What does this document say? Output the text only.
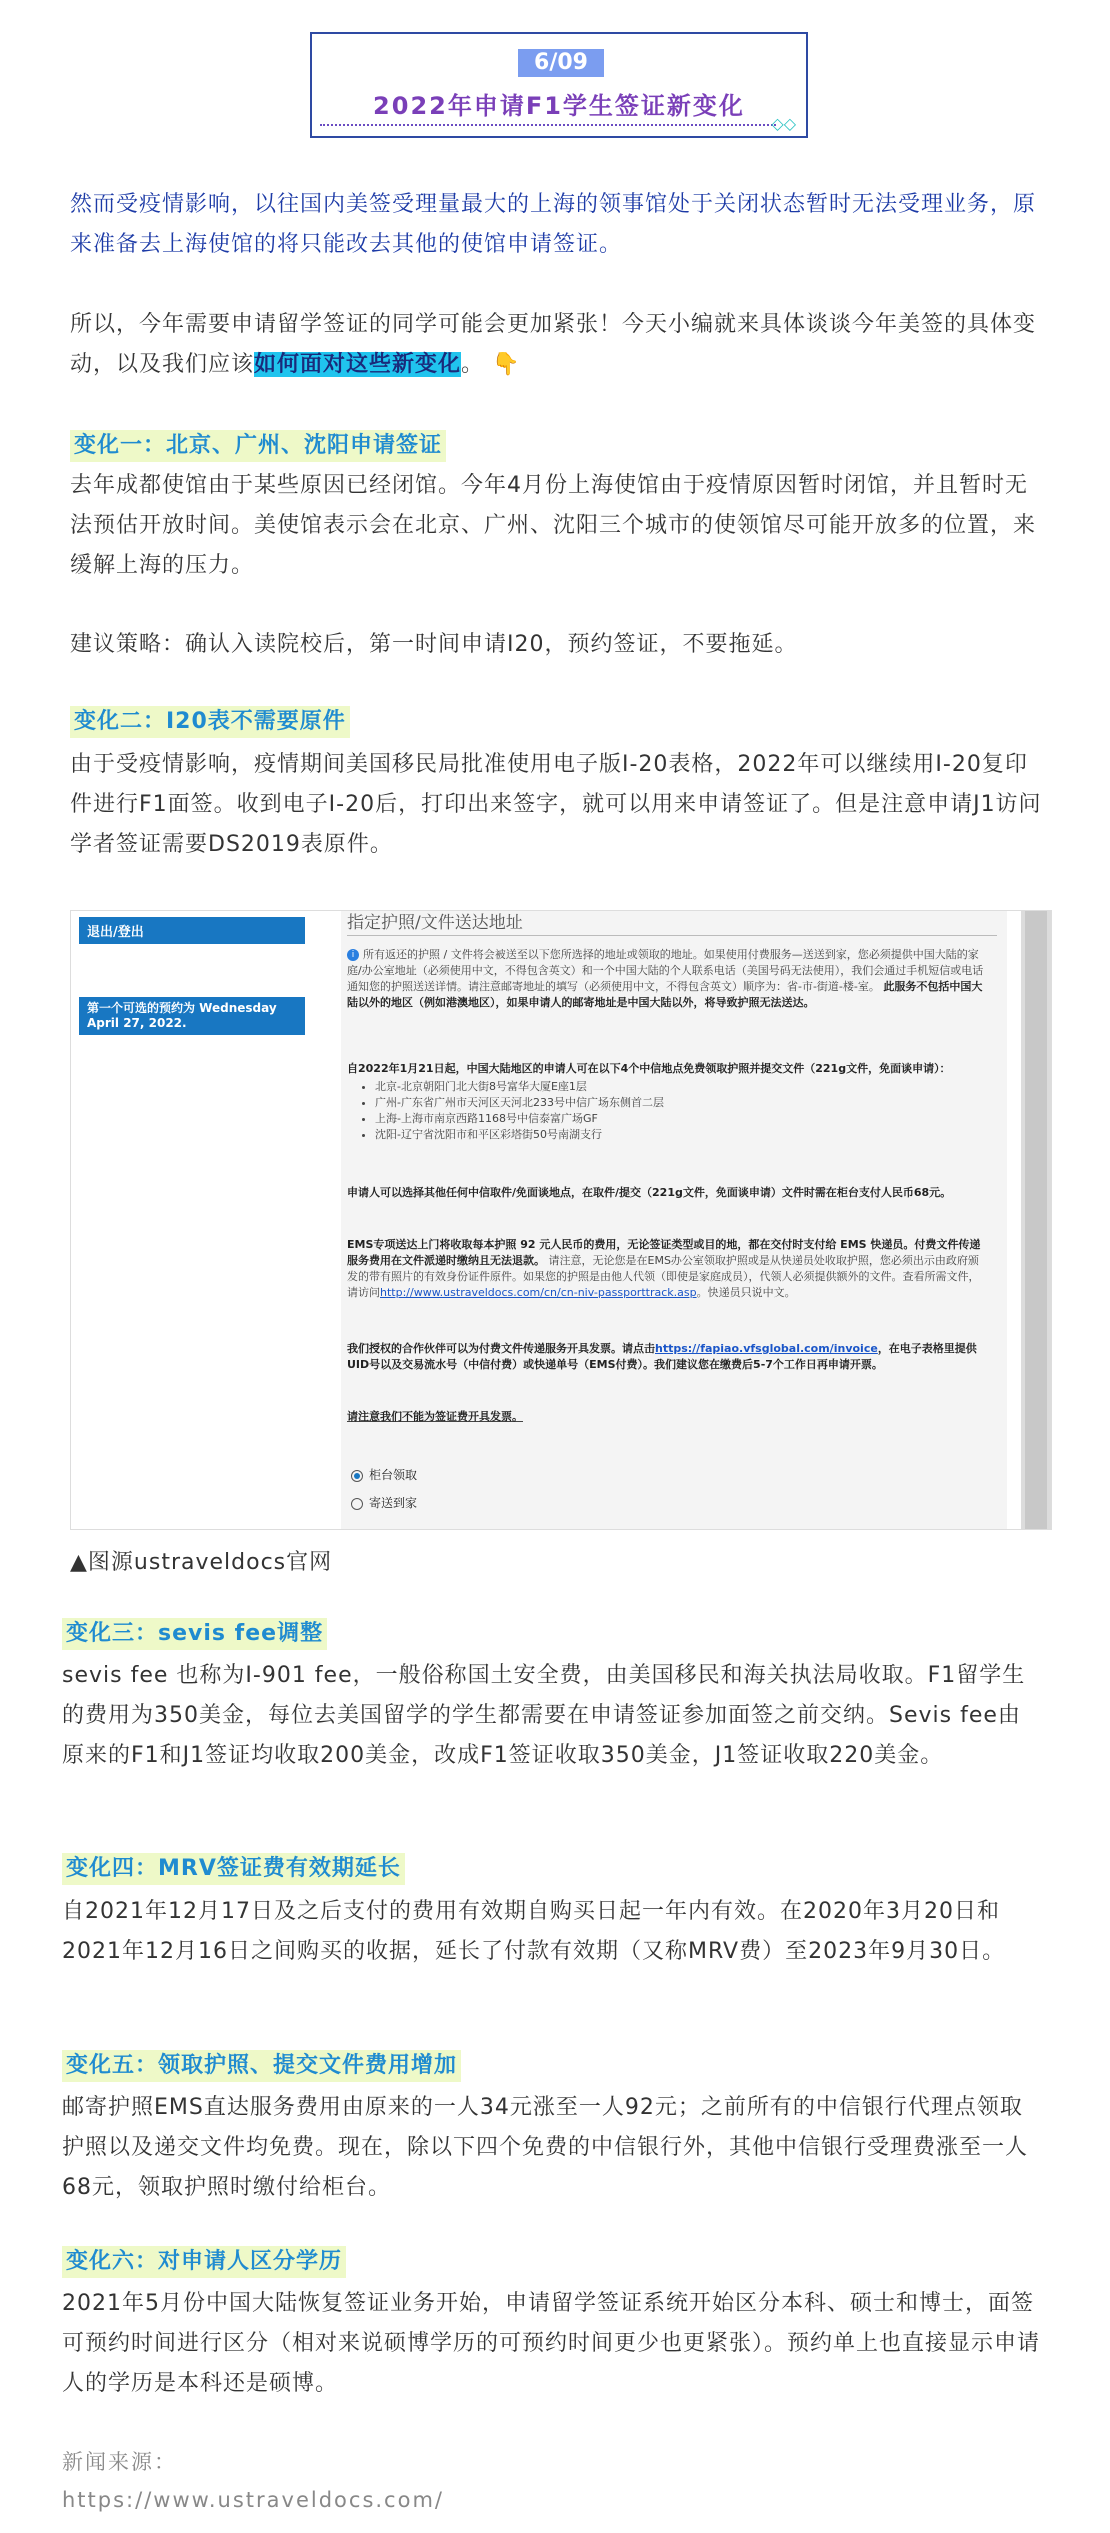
6/09
2022年申请F1学生签证新变化
◇◇
然而受疫情影响，以往国内美签受理量最大的上海的领事馆处于关闭状态暂时无法受理业务，原来准备去上海使馆的将只能改去其他的使馆申请签证。
所以，今年需要申请留学签证的同学可能会更加紧张！今天小编就来具体谈谈今年美签的具体变动，以及我们应该如何面对这些新变化。 👇
变化一：北京、广州、沈阳申请签证
去年成都使馆由于某些原因已经闭馆。今年4月份上海使馆由于疫情原因暂时闭馆，并且暂时无法预估开放时间。美使馆表示会在北京、广州、沈阳三个城市的使领馆尽可能开放多的位置，来缓解上海的压力。
建议策略：确认入读院校后，第一时间申请I20，预约签证，不要拖延。
变化二：I20表不需要原件
由于受疫情影响，疫情期间美国移民局批准使用电子版I-20表格，2022年可以继续用I-20复印件进行F1面签。收到电子I-20后，打印出来签字，就可以用来申请签证了。但是注意申请J1访问学者签证需要DS2019表原件。
退出/登出
第一个可选的预约为 Wednesday April 27, 2022.
指定护照/文件送达地址
i 所有返还的护照 / 文件将会被送至以下您所选择的地址或领取的地址。如果使用付费服务—送送到家，您必须提供中国大陆的家庭/办公室地址（必须使用中文，不得包含英文）和一个中国大陆的个人联系电话（美国号码无法使用），我们会通过手机短信或电话通知您的护照送送详情。请注意邮寄地址的填写（必须使用中文，不得包含英文）顺序为：省-市-街道-楼-室。 此服务不包括中国大陆以外的地区（例如港澳地区），如果申请人的邮寄地址是中国大陆以外，将导致护照无法送达。
自2022年1月21日起，中国大陆地区的申请人可在以下4个中信地点免费领取护照并提交文件（221g文件，免面谈申请）：
• 北京-北京朝阳门北大街8号富华大厦E座1层
• 广州-广东省广州市天河区天河北233号中信广场东侧首二层
• 上海-上海市南京西路1168号中信泰富广场GF
• 沈阳-辽宁省沈阳市和平区彩塔街50号南湖支行
申请人可以选择其他任何中信取件/免面谈地点，在取件/提交（221g文件，免面谈申请）文件时需在柜台支付人民币68元。
EMS专项送达上门将收取每本护照 92 元人民币的费用，无论签证类型或目的地，都在交付时支付给 EMS 快递员。付费文件传递服务费用在文件派递时缴纳且无法退款。 请注意，无论您是在EMS办公室领取护照或是从快递员处收取护照，您必须出示由政府颁发的带有照片的有效身份证件原件。如果您的护照是由他人代领（即使是家庭成员），代领人必须提供额外的文件。查看所需文件，请访问http://www.ustraveldocs.com/cn/cn-niv-passporttrack.asp。快递员只说中文。
我们授权的合作伙伴可以为付费文件传递服务开具发票。请点击https://fapiao.vfsglobal.com/invoice，在电子表格里提供UID号以及交易流水号（中信付费）或快递单号（EMS付费）。我们建议您在缴费后5-7个工作日再申请开票。
请注意我们不能为签证费开具发票。
柜台领取
寄送到家
▲图源ustraveldocs官网
变化三：sevis fee调整
sevis fee 也称为I-901 fee，一般俗称国土安全费，由美国移民和海关执法局收取。F1留学生的费用为350美金，每位去美国留学的学生都需要在申请签证参加面签之前交纳。Sevis fee由原来的F1和J1签证均收取200美金，改成F1签证收取350美金，J1签证收取220美金。
变化四：MRV签证费有效期延长
自2021年12月17日及之后支付的费用有效期自购买日起一年内有效。在2020年3月20日和2021年12月16日之间购买的收据，延长了付款有效期（又称MRV费）至2023年9月30日。
变化五：领取护照、提交文件费用增加
邮寄护照EMS直达服务费用由原来的一人34元涨至一人92元；之前所有的中信银行代理点领取护照以及递交文件均免费。现在，除以下四个免费的中信银行外，其他中信银行受理费涨至一人68元，领取护照时缴付给柜台。
变化六：对申请人区分学历
2021年5月份中国大陆恢复签证业务开始，申请留学签证系统开始区分本科、硕士和博士，面签可预约时间进行区分（相对来说硕博学历的可预约时间更少也更紧张）。预约单上也直接显示申请人的学历是本科还是硕博。
新闻来源：
https://www.ustraveldocs.com/
